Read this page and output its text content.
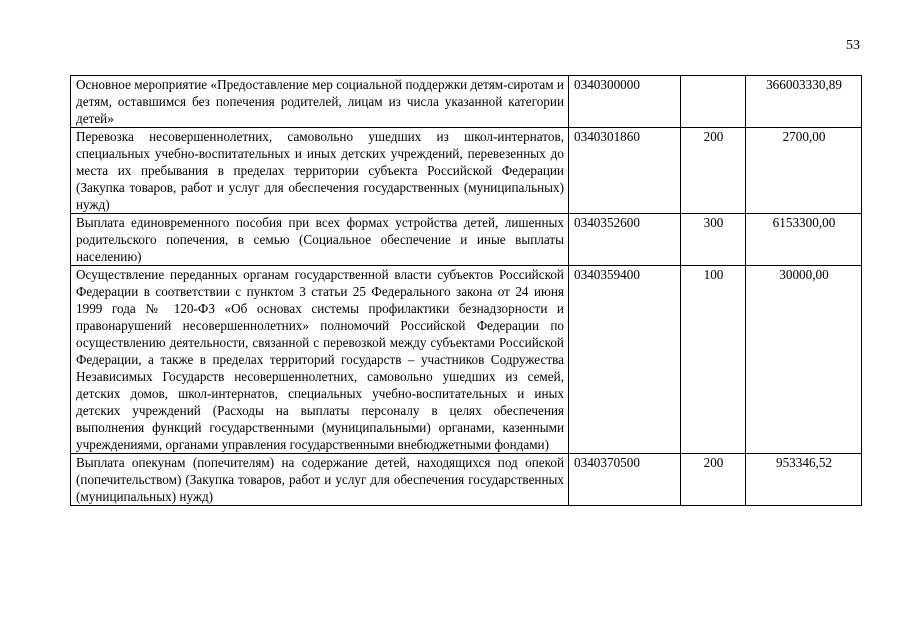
53
Основное мероприятие «Предоставление мер социальной поддержки детям-сиротам и детям, оставшимся без попечения родителей, лицам из числа указанной категории детей»	0340300000		366003330,89
Перевозка несовершеннолетних, самовольно ушедших из школ-интернатов, специальных учебно-воспитательных и иных детских учреждений, перевезенных до места их пребывания в пределах территории субъекта Российской Федерации (Закупка товаров, работ и услуг для обеспечения государственных (муниципальных) нужд)	0340301860	200	2700,00
Выплата единовременного пособия при всех формах устройства детей, лишенных родительского попечения, в семью (Социальное обеспечение и иные выплаты населению)	0340352600	300	6153300,00
Осуществление переданных органам государственной власти субъектов Российской Федерации в соответствии с пунктом 3 статьи 25 Федерального закона от 24 июня 1999 года № 120-ФЗ «Об основах системы профилактики безнадзорности и правонарушений несовершеннолетних» полномочий Российской Федерации по осуществлению деятельности, связанной с перевозкой между субъектами Российской Федерации, а также в пределах территорий государств – участников Содружества Независимых Государств несовершеннолетних, самовольно ушедших из семей, детских домов, школ-интернатов, специальных учебно-воспитательных и иных детских учреждений (Расходы на выплаты персоналу в целях обеспечения выполнения функций государственными (муниципальными) органами, казенными учреждениями, органами управления государственными внебюджетными фондами)	0340359400	100	30000,00
Выплата опекунам (попечителям) на содержание детей, находящихся под опекой (попечительством) (Закупка товаров, работ и услуг для обеспечения государственных (муниципальных) нужд)	0340370500	200	953346,52
